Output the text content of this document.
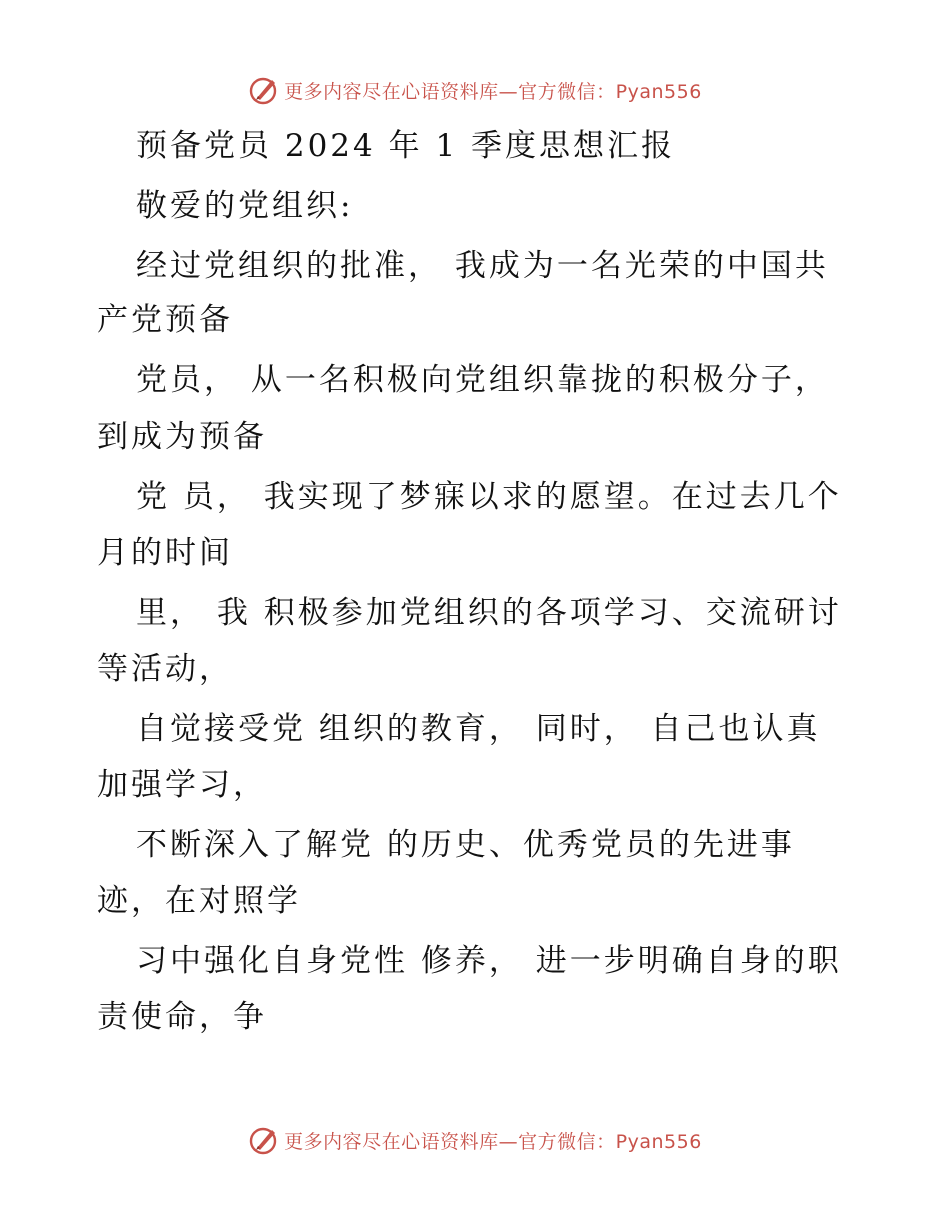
更多内容尽在心语资料库—官方微信：Pyan556
预备党员 2024 年 1 季度思想汇报
敬爱的党组织:
经过党组织的批准， 我成为一名光荣的中国共
产党预备
党员， 从一名积极向党组织靠拢的积极分子，
到成为预备
党 员， 我实现了梦寐以求的愿望。在过去几个
月的时间
里， 我 积极参加党组织的各项学习、交流研讨
等活动，
自觉接受党 组织的教育， 同时， 自己也认真
加强学习，
不断深入了解党 的历史、优秀党员的先进事
迹，在对照学
习中强化自身党性 修养， 进一步明确自身的职
责使命，争
更多内容尽在心语资料库—官方微信：Pyan556
